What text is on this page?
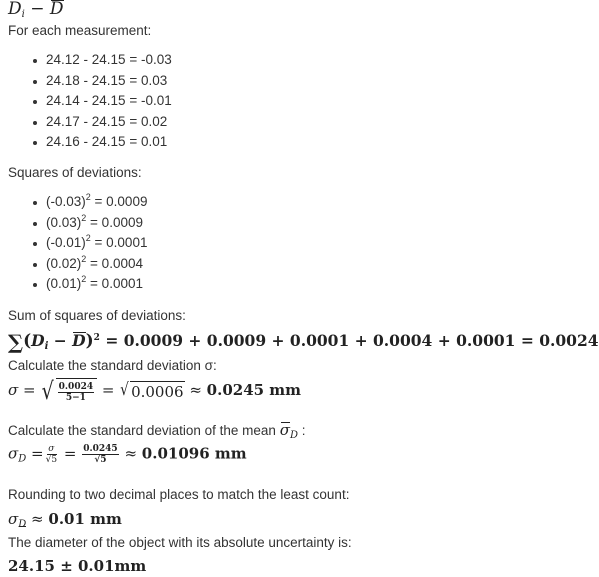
$D_i - D$
For each measurement:
24.12 - 24.15 = -0.03
24.18 - 24.15 = 0.03
24.14 - 24.15 = -0.01
24.17 - 24.15 = 0.02
24.16 - 24.15 = 0.01
Squares of deviations:
$(-0.03)^2 = 0.0009$
$(0.03)^2 = 0.0009$
$(-0.01)^2 = 0.0001$
$(0.02)^2 = 0.0004$
$(0.01)^2 = 0.0001$
Sum of squares of deviations:
$\sum(D_i - D)^2 = 0.0009 + 0.0009 + 0.0001 + 0.0004 + 0.0001 = 0.0024$
Calculate the standard deviation σ:
σ = √ $\frac{0.0024}{5-1}$ = √ 0.0006 ≈ 0.0245 mm
Calculate the standard deviation of the mean $\sigma_D$ :
$\sigma_D = \frac{\sigma}{√5} = \frac{0.0245}{√5} \approx 0.01096$ mm
Rounding to two decimal places to match the least count:
$\sigma_D \approx 0.01$ mm
The diameter of the object with its absolute uncertainty is:
24.15 ± 0.01mm
